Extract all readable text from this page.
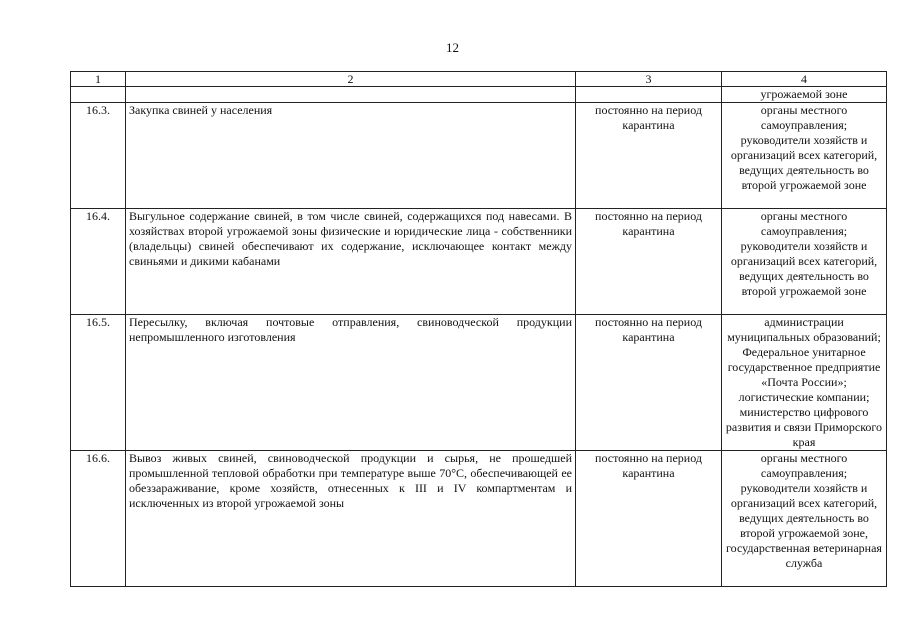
12
1	2	3	4
			угрожаемой зоне
16.3.	Закупка свиней у населения	постоянно на период карантина	органы местного самоуправления; руководители хозяйств и организаций всех категорий, ведущих деятельность во второй угрожаемой зоне
16.4.	Выгульное содержание свиней, в том числе свиней, содержащихся под навесами. В хозяйствах второй угрожаемой зоны физические и юридические лица - собственники (владельцы) свиней обеспечивают их содержание, исключающее контакт между свиньями и дикими кабанами	постоянно на период карантина	органы местного самоуправления; руководители хозяйств и организаций всех категорий, ведущих деятельность во второй угрожаемой зоне
16.5.	Пересылку, включая почтовые отправления, свиноводческой продукции непромышленного изготовления	постоянно на период карантина	администрации муниципальных образований; Федеральное унитарное государственное предприятие «Почта России»; логистические компании; министерство цифрового развития и связи Приморского края
16.6.	Вывоз живых свиней, свиноводческой продукции и сырья, не прошедшей промышленной тепловой обработки при температуре выше 70°С, обеспечивающей ее обеззараживание, кроме хозяйств, отнесенных к III и IV компартментам и исключенных из второй угрожаемой зоны	постоянно на период карантина	органы местного самоуправления; руководители хозяйств и организаций всех категорий, ведущих деятельность во второй угрожаемой зоне, государственная ветеринарная служба
